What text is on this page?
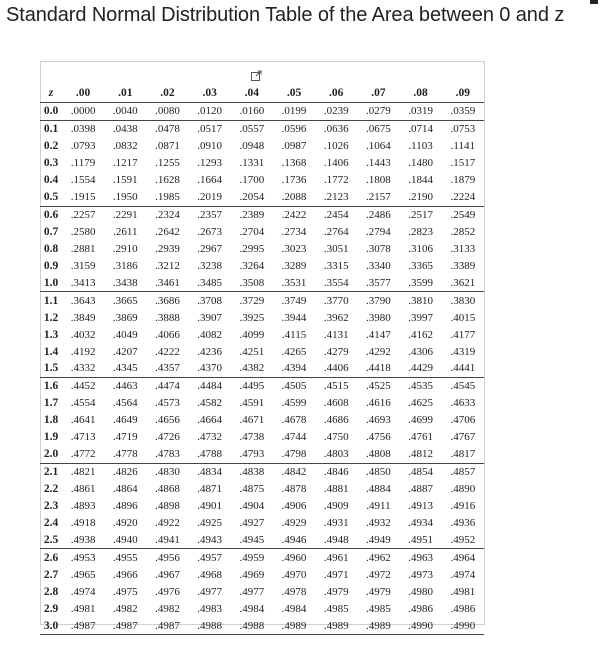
Standard Normal Distribution Table of the Area between 0 and z
z	.00	.01	.02	.03	.04	.05	.06	.07	.08	.09
0.0	.0000	.0040	.0080	.0120	.0160	.0199	.0239	.0279	.0319	.0359
0.1	.0398	.0438	.0478	.0517	.0557	.0596	.0636	.0675	.0714	.0753
0.2	.0793	.0832	.0871	.0910	.0948	.0987	.1026	.1064	.1103	.1141
0.3	.1179	.1217	.1255	.1293	.1331	.1368	.1406	.1443	.1480	.1517
0.4	.1554	.1591	.1628	.1664	.1700	.1736	.1772	.1808	.1844	.1879
0.5	.1915	.1950	.1985	.2019	.2054	.2088	.2123	.2157	.2190	.2224
0.6	.2257	.2291	.2324	.2357	.2389	.2422	.2454	.2486	.2517	.2549
0.7	.2580	.2611	.2642	.2673	.2704	.2734	.2764	.2794	.2823	.2852
0.8	.2881	.2910	.2939	.2967	.2995	.3023	.3051	.3078	.3106	.3133
0.9	.3159	.3186	.3212	.3238	.3264	.3289	.3315	.3340	.3365	.3389
1.0	.3413	.3438	.3461	.3485	.3508	.3531	.3554	.3577	.3599	.3621
1.1	.3643	.3665	.3686	.3708	.3729	.3749	.3770	.3790	.3810	.3830
1.2	.3849	.3869	.3888	.3907	.3925	.3944	.3962	.3980	.3997	.4015
1.3	.4032	.4049	.4066	.4082	.4099	.4115	.4131	.4147	.4162	.4177
1.4	.4192	.4207	.4222	.4236	.4251	.4265	.4279	.4292	.4306	.4319
1.5	.4332	.4345	.4357	.4370	.4382	.4394	.4406	.4418	.4429	.4441
1.6	.4452	.4463	.4474	.4484	.4495	.4505	.4515	.4525	.4535	.4545
1.7	.4554	.4564	.4573	.4582	.4591	.4599	.4608	.4616	.4625	.4633
1.8	.4641	.4649	.4656	.4664	.4671	.4678	.4686	.4693	.4699	.4706
1.9	.4713	.4719	.4726	.4732	.4738	.4744	.4750	.4756	.4761	.4767
2.0	.4772	.4778	.4783	.4788	.4793	.4798	.4803	.4808	.4812	.4817
2.1	.4821	.4826	.4830	.4834	.4838	.4842	.4846	.4850	.4854	.4857
2.2	.4861	.4864	.4868	.4871	.4875	.4878	.4881	.4884	.4887	.4890
2.3	.4893	.4896	.4898	.4901	.4904	.4906	.4909	.4911	.4913	.4916
2.4	.4918	.4920	.4922	.4925	.4927	.4929	.4931	.4932	.4934	.4936
2.5	.4938	.4940	.4941	.4943	.4945	.4946	.4948	.4949	.4951	.4952
2.6	.4953	.4955	.4956	.4957	.4959	.4960	.4961	.4962	.4963	.4964
2.7	.4965	.4966	.4967	.4968	.4969	.4970	.4971	.4972	.4973	.4974
2.8	.4974	.4975	.4976	.4977	.4977	.4978	.4979	.4979	.4980	.4981
2.9	.4981	.4982	.4982	.4983	.4984	.4984	.4985	.4985	.4986	.4986
3.0	.4987	.4987	.4987	.4988	.4988	.4989	.4989	.4989	.4990	.4990
